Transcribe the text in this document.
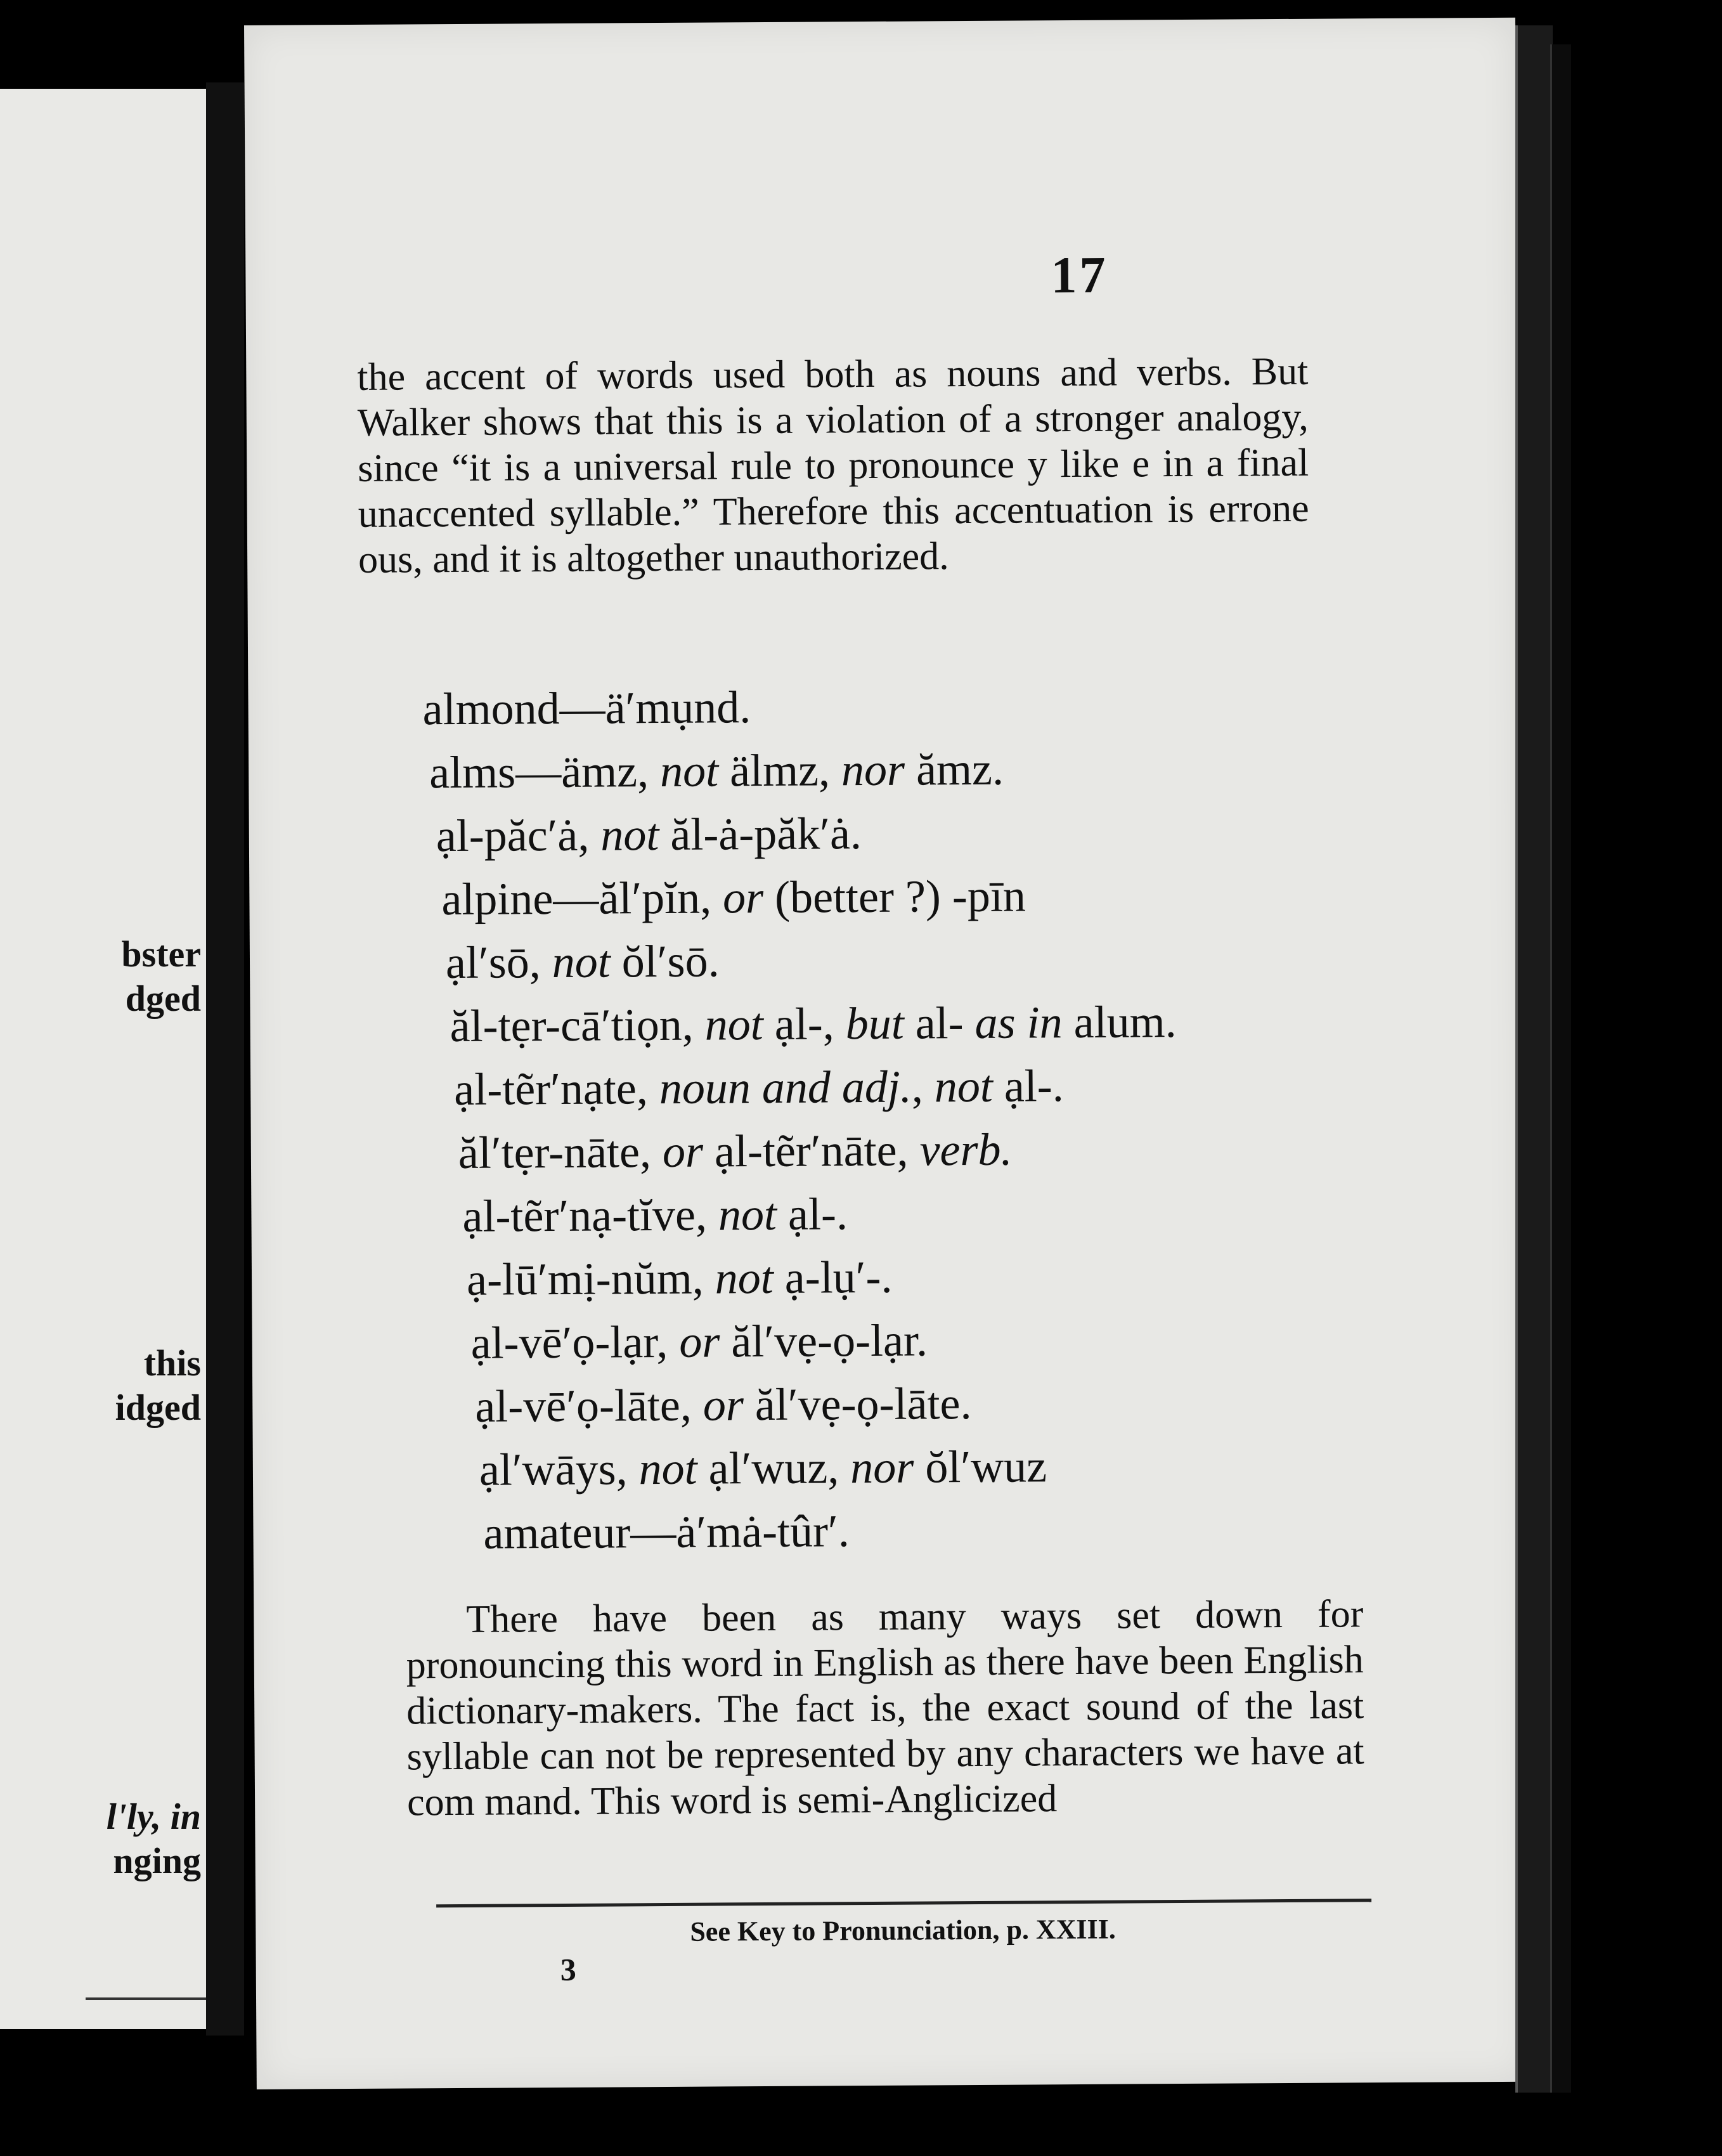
bster
dged
this
idged
l'ly, in
nging
17

the accent of words used both as nouns and verbs. But Walker shows that this is a violation of a stronger analogy, since “it is a universal rule to pronounce y like e in a final unaccented syllable.” Therefore this accentuation is errone ous, and it is altogether unauthorized.

almond—ä′mụnd.
alms—ämz, not älmz, nor ămz.
ạl-păc′ȧ, not ăl-ȧ-păk′ȧ.
alpine—ăl′pĭn, or (better ?) -pīn
ạl′sō, not ŏl′sō.
ăl-tẹr-cā′tiọn, not ạl-, but al- as in alum.
ạl-tẽr′nạte, noun and adj., not ạl-.
ăl′tẹr-nāte, or ạl-tẽr′nāte, verb.
ạl-tẽr′nạ-tĭve, not ạl-.
ạ-lū′mị-nŭm, not ạ-lụ′-.
ạl-vē′ọ-lạr, or ăl′vẹ-ọ-lạr.
ạl-vē′ọ-lāte, or ăl′vẹ-ọ-lāte.
ạl′wāys, not ạl′wuz, nor ŏl′wuz
amateur—ȧ′mȧ-tûr′.

There have been as many ways set down for pronouncing this word in English as there have been English dictionary-makers. The fact is, the exact sound of the last syllable can not be represented by any characters we have at com mand. This word is semi-Anglicized

See Key to Pronunciation, p. XXIII.
3
